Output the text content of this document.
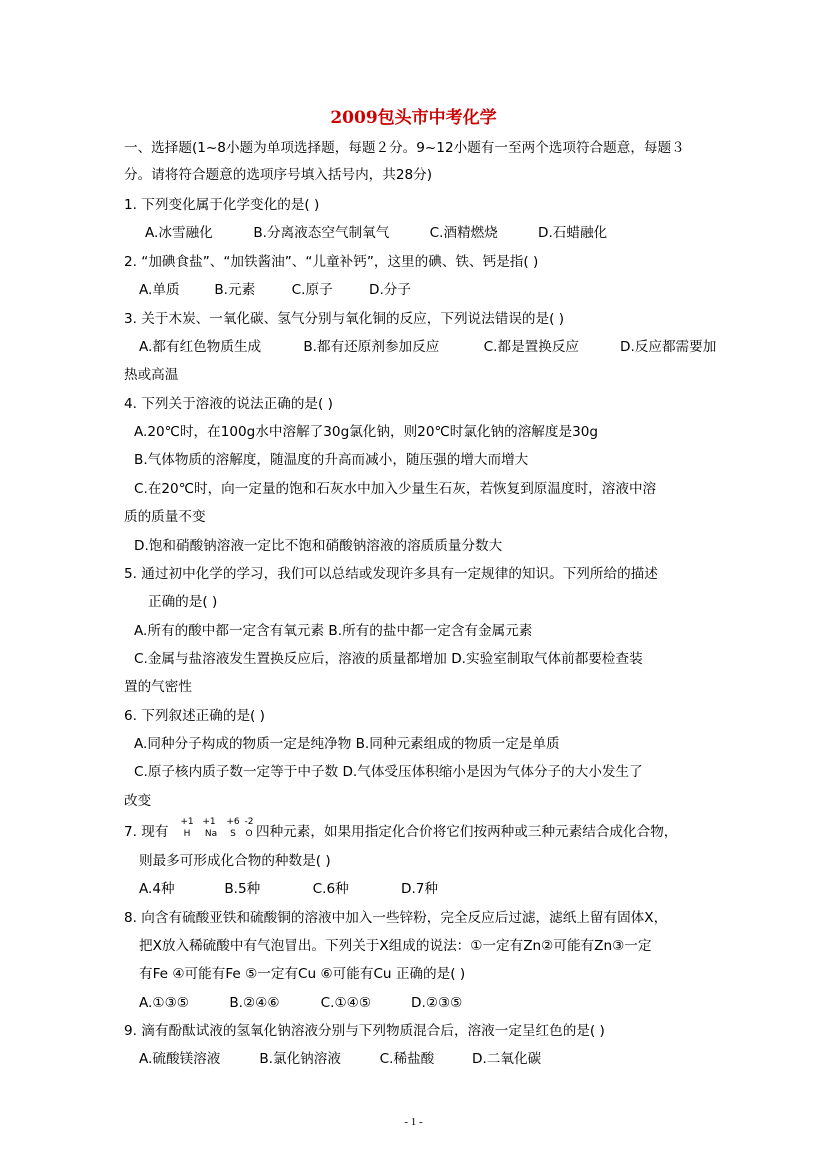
2009包头市中考化学
一、选择题(1~8小题为单项选择题，每题２分。9~12小题有一至两个选项符合题意，每题３
分。请将符合题意的选项序号填入括号内，共28分)
1. 下列变化属于化学变化的是( )
A.冰雪融化	B.分离液态空气制氧气	C.酒精燃烧	D.石蜡融化
2. “加碘食盐”、“加铁酱油”、“儿童补钙”，这里的碘、铁、钙是指( )
A.单质	B.元素	C.原子	D.分子
3. 关于木炭、一氧化碳、氢气分别与氧化铜的反应，下列说法错误的是( )
A.都有红色物质生成	B.都有还原剂参加反应	C.都是置换反应	D.反应都需要加
热或高温
4. 下列关于溶液的说法正确的是( )
A.20℃时，在100g水中溶解了30g氯化钠，则20℃时氯化钠的溶解度是30g
B.气体物质的溶解度，随温度的升高而减小，随压强的增大而增大
C.在20℃时，向一定量的饱和石灰水中加入少量生石灰，若恢复到原温度时，溶液中溶
质的质量不变
D.饱和硝酸钠溶液一定比不饱和硝酸钠溶液的溶质质量分数大
5. 通过初中化学的学习，我们可以总结或发现许多具有一定规律的知识。下列所给的描述
正确的是( )
A.所有的酸中都一定含有氧元素 B.所有的盐中都一定含有金属元素
C.金属与盐溶液发生置换反应后，溶液的质量都增加 D.实验室制取气体前都要检查装
置的气密性
6. 下列叙述正确的是( )
A.同种分子构成的物质一定是纯净物 B.同种元素组成的物质一定是单质
C.原子核内质子数一定等于中子数 D.气体受压体积缩小是因为气体分子的大小发生了
改变
7. 现有
+1
H
+1
Na
+6
S
-2
O 四种元素，如果用指定化合价将它们按两种或三种元素结合成化合物，
则最多可形成化合物的种数是( )
A.4种	B.5种	C.6种	D.7种
8. 向含有硫酸亚铁和硫酸铜的溶液中加入一些锌粉，完全反应后过滤，滤纸上留有固体X，
把X放入稀硫酸中有气泡冒出。下列关于X组成的说法：①一定有Zn②可能有Zn③一定
有Fe ④可能有Fe ⑤一定有Cu ⑥可能有Cu 正确的是( )
A.①③⑤	B.②④⑥	C.①④⑤	D.②③⑤
9. 滴有酚酞试液的氢氧化钠溶液分别与下列物质混合后，溶液一定呈红色的是( )
A.硫酸镁溶液	B.氯化钠溶液	C.稀盐酸	D.二氧化碳
- 1 -
